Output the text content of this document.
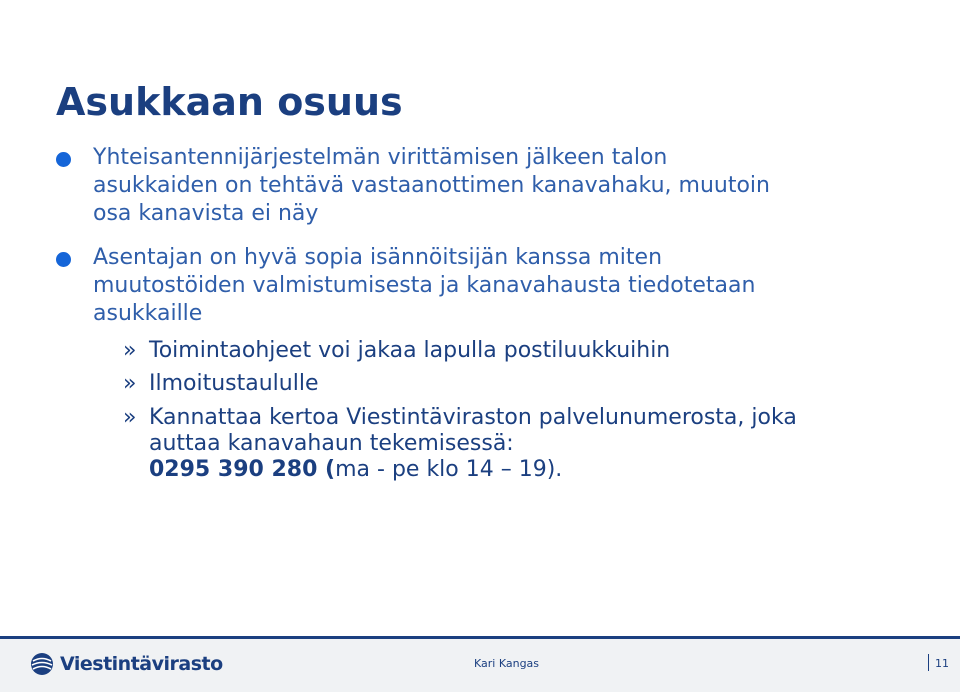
Asukkaan osuus
Yhteisantennijärjestelmän virittämisen jälkeen talon
asukkaiden on tehtävä vastaanottimen kanavahaku, muutoin
osa kanavista ei näy
Asentajan on hyvä sopia isännöitsijän kanssa miten
muutostöiden valmistumisesta ja kanavahausta tiedotetaan
asukkaille
» Toimintaohjeet voi jakaa lapulla postiluukkuihin
» Ilmoitustaululle
» Kannattaa kertoa Viestintäviraston palvelunumerosta, joka
auttaa kanavahaun tekemisessä:
0295 390 280 (ma - pe klo 14 – 19).
Viestintävirasto	Kari Kangas	11
